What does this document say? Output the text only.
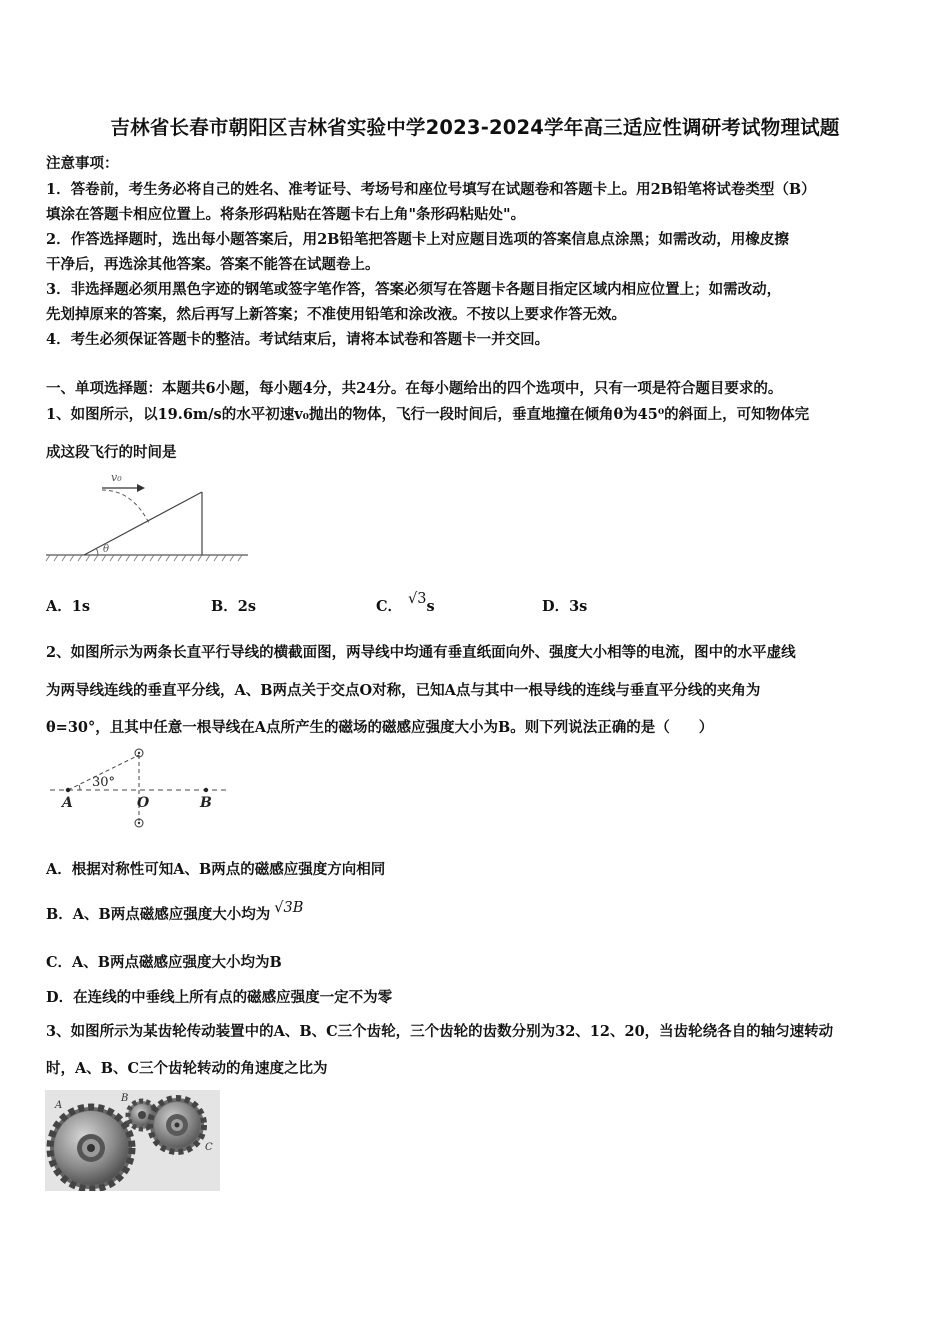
吉林省长春市朝阳区吉林省实验中学2023-2024学年高三适应性调研考试物理试题
注意事项：
1．答卷前，考生务必将自己的姓名、准考证号、考场号和座位号填写在试题卷和答题卡上。用2B铅笔将试卷类型（B）
填涂在答题卡相应位置上。将条形码粘贴在答题卡右上角"条形码粘贴处"。
2．作答选择题时，选出每小题答案后，用2B铅笔把答题卡上对应题目选项的答案信息点涂黑；如需改动，用橡皮擦
干净后，再选涂其他答案。答案不能答在试题卷上。
3．非选择题必须用黑色字迹的钢笔或签字笔作答，答案必须写在答题卡各题目指定区域内相应位置上；如需改动，
先划掉原来的答案，然后再写上新答案；不准使用铅笔和涂改液。不按以上要求作答无效。
4．考生必须保证答题卡的整洁。考试结束后，请将本试卷和答题卡一并交回。
一、单项选择题：本题共6小题，每小题4分，共24分。在每小题给出的四个选项中，只有一项是符合题目要求的。
1、如图所示，以19.6m/s的水平初速v₀抛出的物体，飞行一段时间后，垂直地撞在倾角θ为45⁰的斜面上，可知物体完
成这段飞行的时间是
v₀
θ
A．1s	B．2s	C． √3s	D．3s
2、如图所示为两条长直平行导线的横截面图，两导线中均通有垂直纸面向外、强度大小相等的电流，图中的水平虚线
为两导线连线的垂直平分线，A、B两点关于交点O对称，已知A点与其中一根导线的连线与垂直平分线的夹角为
θ=30°，且其中任意一根导线在A点所产生的磁场的磁感应强度大小为B。则下列说法正确的是（　　）
30°
A	O	B
A．根据对称性可知A、B两点的磁感应强度方向相同
B．A、B两点磁感应强度大小均为 √3B
C．A、B两点磁感应强度大小均为B
D．在连线的中垂线上所有点的磁感应强度一定不为零
3、如图所示为某齿轮传动装置中的A、B、C三个齿轮，三个齿轮的齿数分别为32、12、20，当齿轮绕各自的轴匀速转动
时，A、B、C三个齿轮转动的角速度之比为
A
B
C
